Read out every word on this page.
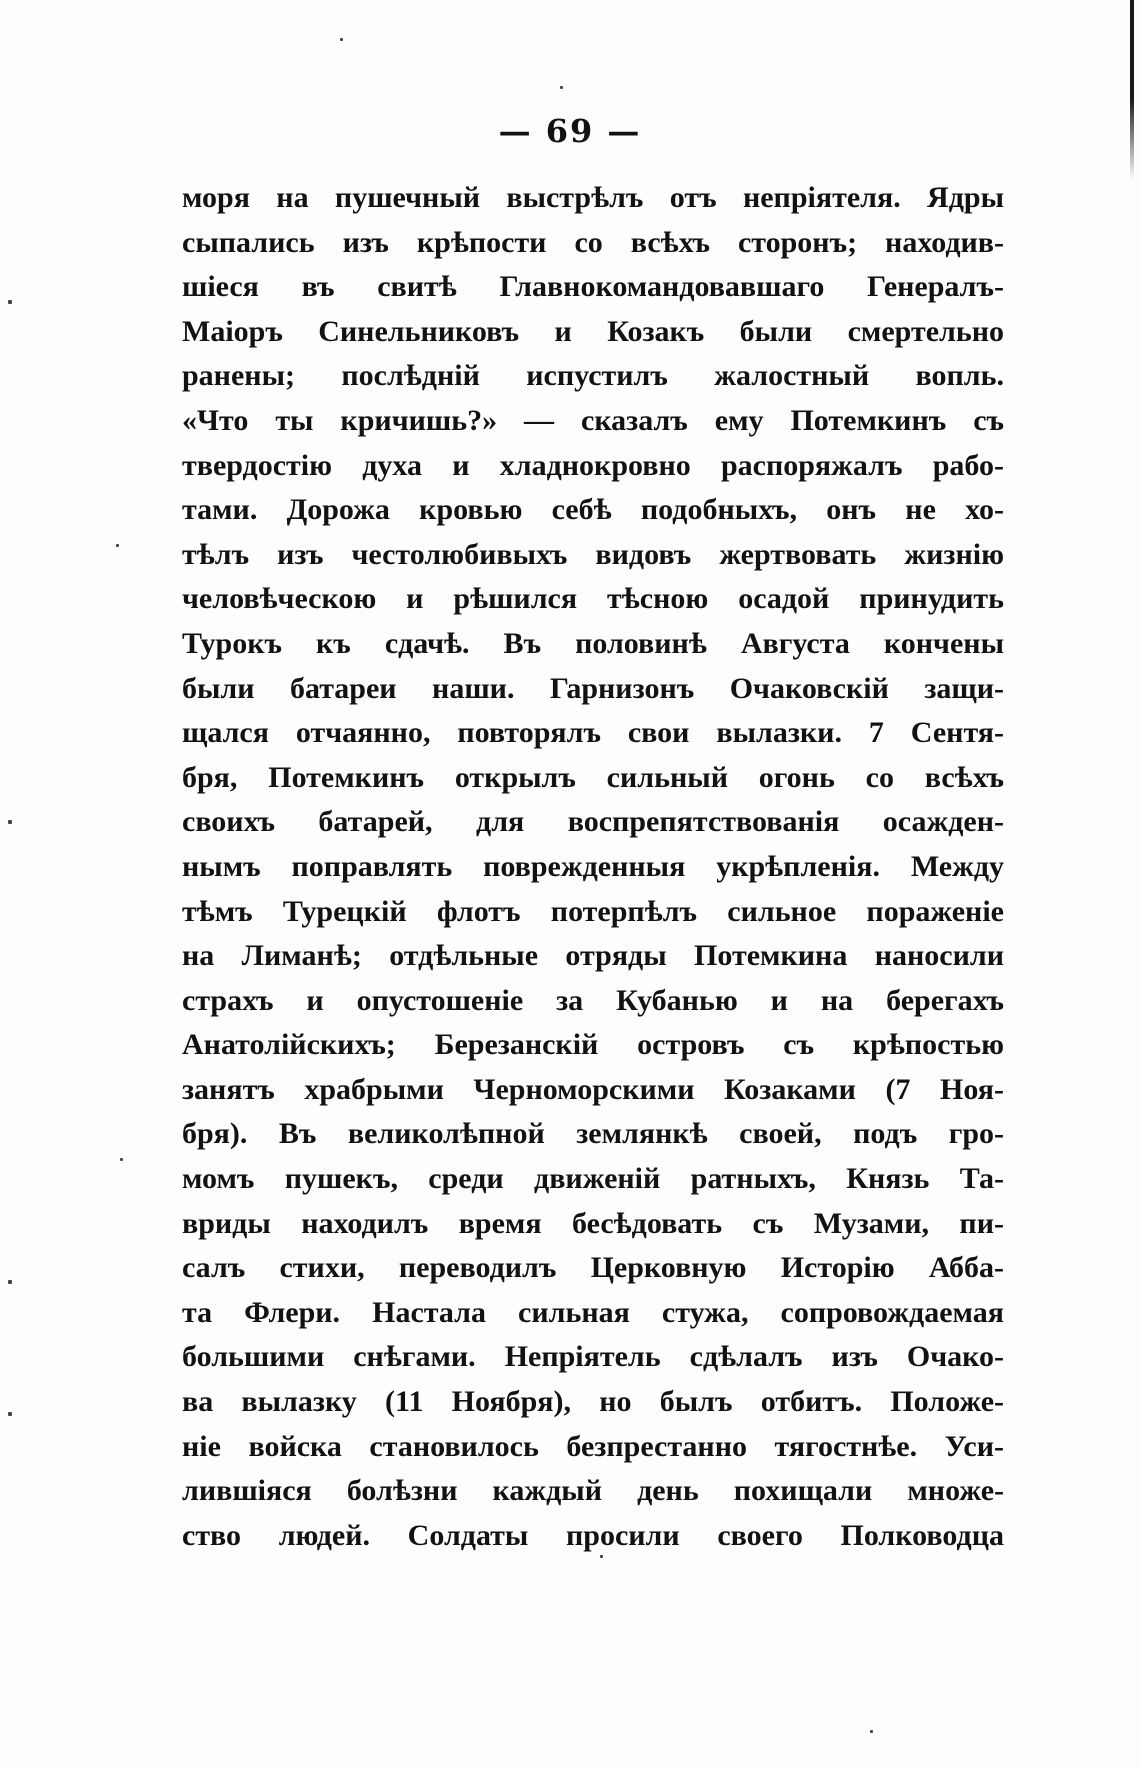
— 69 —
моря на пушечный выстрѣлъ отъ непріятеля. Ядры
сыпались изъ крѣпости со всѣхъ сторонъ; находив-
шіеся въ свитѣ Главнокомандовавшаго Генералъ-
Маіоръ Синельниковъ и Козакъ были смертельно
ранены; послѣдній испустилъ жалостный вопль.
«Что ты кричишь?» — сказалъ ему Потемкинъ съ
твердостію духа и хладнокровно распоряжалъ рабо-
тами. Дорожа кровью себѣ подобныхъ, онъ не хо-
тѣлъ изъ честолюбивыхъ видовъ жертвовать жизнію
человѣческою и рѣшился тѣсною осадой принудить
Турокъ къ сдачѣ. Въ половинѣ Августа кончены
были батареи наши. Гарнизонъ Очаковскій защи-
щался отчаянно, повторялъ свои вылазки. 7 Сентя-
бря, Потемкинъ открылъ сильный огонь со всѣхъ
своихъ батарей, для воспрепятствованія осажден-
нымъ поправлять поврежденныя укрѣпленія. Между
тѣмъ Турецкій флотъ потерпѣлъ сильное пораженіе
на Лиманѣ; отдѣльные отряды Потемкина наносили
страхъ и опустошеніе за Кубанью и на берегахъ
Анатолійскихъ; Березанскій островъ съ крѣпостью
занятъ храбрыми Черноморскими Козаками (7 Ноя-
бря). Въ великолѣпной землянкѣ своей, подъ гро-
момъ пушекъ, среди движеній ратныхъ, Князь Та-
вриды находилъ время бесѣдовать съ Музами, пи-
салъ стихи, переводилъ Церковную Исторію Абба-
та Флери. Настала сильная стужа, сопровождаемая
большими снѣгами. Непріятель сдѣлалъ изъ Очако-
ва вылазку (11 Ноября), но былъ отбитъ. Положе-
ніе войска становилось безпрестанно тягостнѣе. Уси-
лившіяся болѣзни каждый день похищали множе-
ство людей. Солдаты просили своего Полководца
